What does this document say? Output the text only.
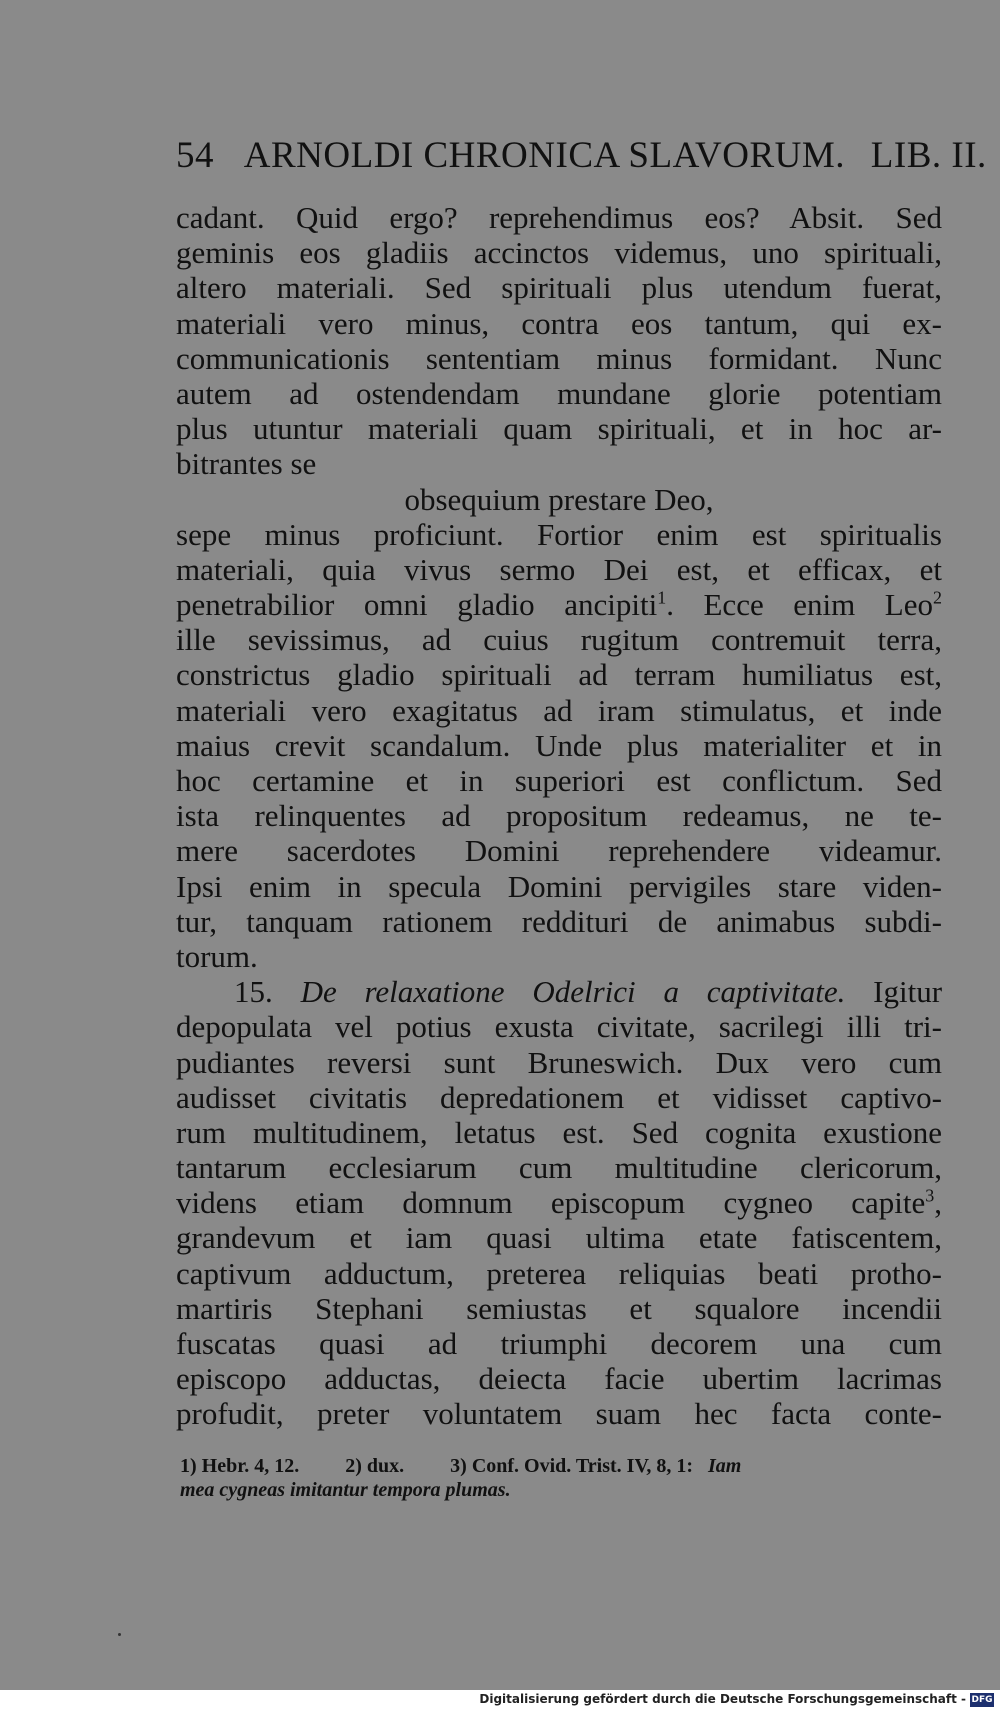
54 ARNOLDI CHRONICA SLAVORUM. LIB. II.
cadant. Quid ergo? reprehendimus eos? Absit. Sed
geminis eos gladiis accinctos videmus, uno spirituali,
altero materiali. Sed spirituali plus utendum fuerat,
materiali vero minus, contra eos tantum, qui ex-
communicationis sententiam minus formidant. Nunc
autem ad ostendendam mundane glorie potentiam
plus utuntur materiali quam spirituali, et in hoc ar-
bitrantes se
obsequium prestare Deo,
sepe minus proficiunt. Fortior enim est spiritualis
materiali, quia vivus sermo Dei est, et efficax, et
penetrabilior omni gladio ancipiti$^1$. Ecce enim Leo$^2$
ille sevissimus, ad cuius rugitum contremuit terra,
constrictus gladio spirituali ad terram humiliatus est,
materiali vero exagitatus ad iram stimulatus, et inde
maius crevit scandalum. Unde plus materialiter et in
hoc certamine et in superiori est conflictum. Sed
ista relinquentes ad propositum redeamus, ne te-
mere sacerdotes Domini reprehendere videamur.
Ipsi enim in specula Domini pervigiles stare viden-
tur, tanquam rationem reddituri de animabus subdi-
torum.
15. De relaxatione Odelrici a captivitate. Igitur
depopulata vel potius exusta civitate, sacrilegi illi tri-
pudiantes reversi sunt Bruneswich. Dux vero cum
audisset civitatis depredationem et vidisset captivo-
rum multitudinem, letatus est. Sed cognita exustione
tantarum ecclesiarum cum multitudine clericorum,
videns etiam domnum episcopum cygneo capite$^3$,
grandevum et iam quasi ultima etate fatiscentem,
captivum adductum, preterea reliquias beati protho-
martiris Stephani semiustas et squalore incendii
fuscatas quasi ad triumphi decorem una cum
episcopo adductas, deiecta facie ubertim lacrimas
profudit, preter voluntatem suam hec facta conte-
1) Hebr. 4, 12. 2) dux. 3) Conf. Ovid. Trist. IV, 8, 1: Iam
mea cygneas imitantur tempora plumas.
Digitalisierung gefördert durch die Deutsche Forschungsgemeinschaft - DFG
